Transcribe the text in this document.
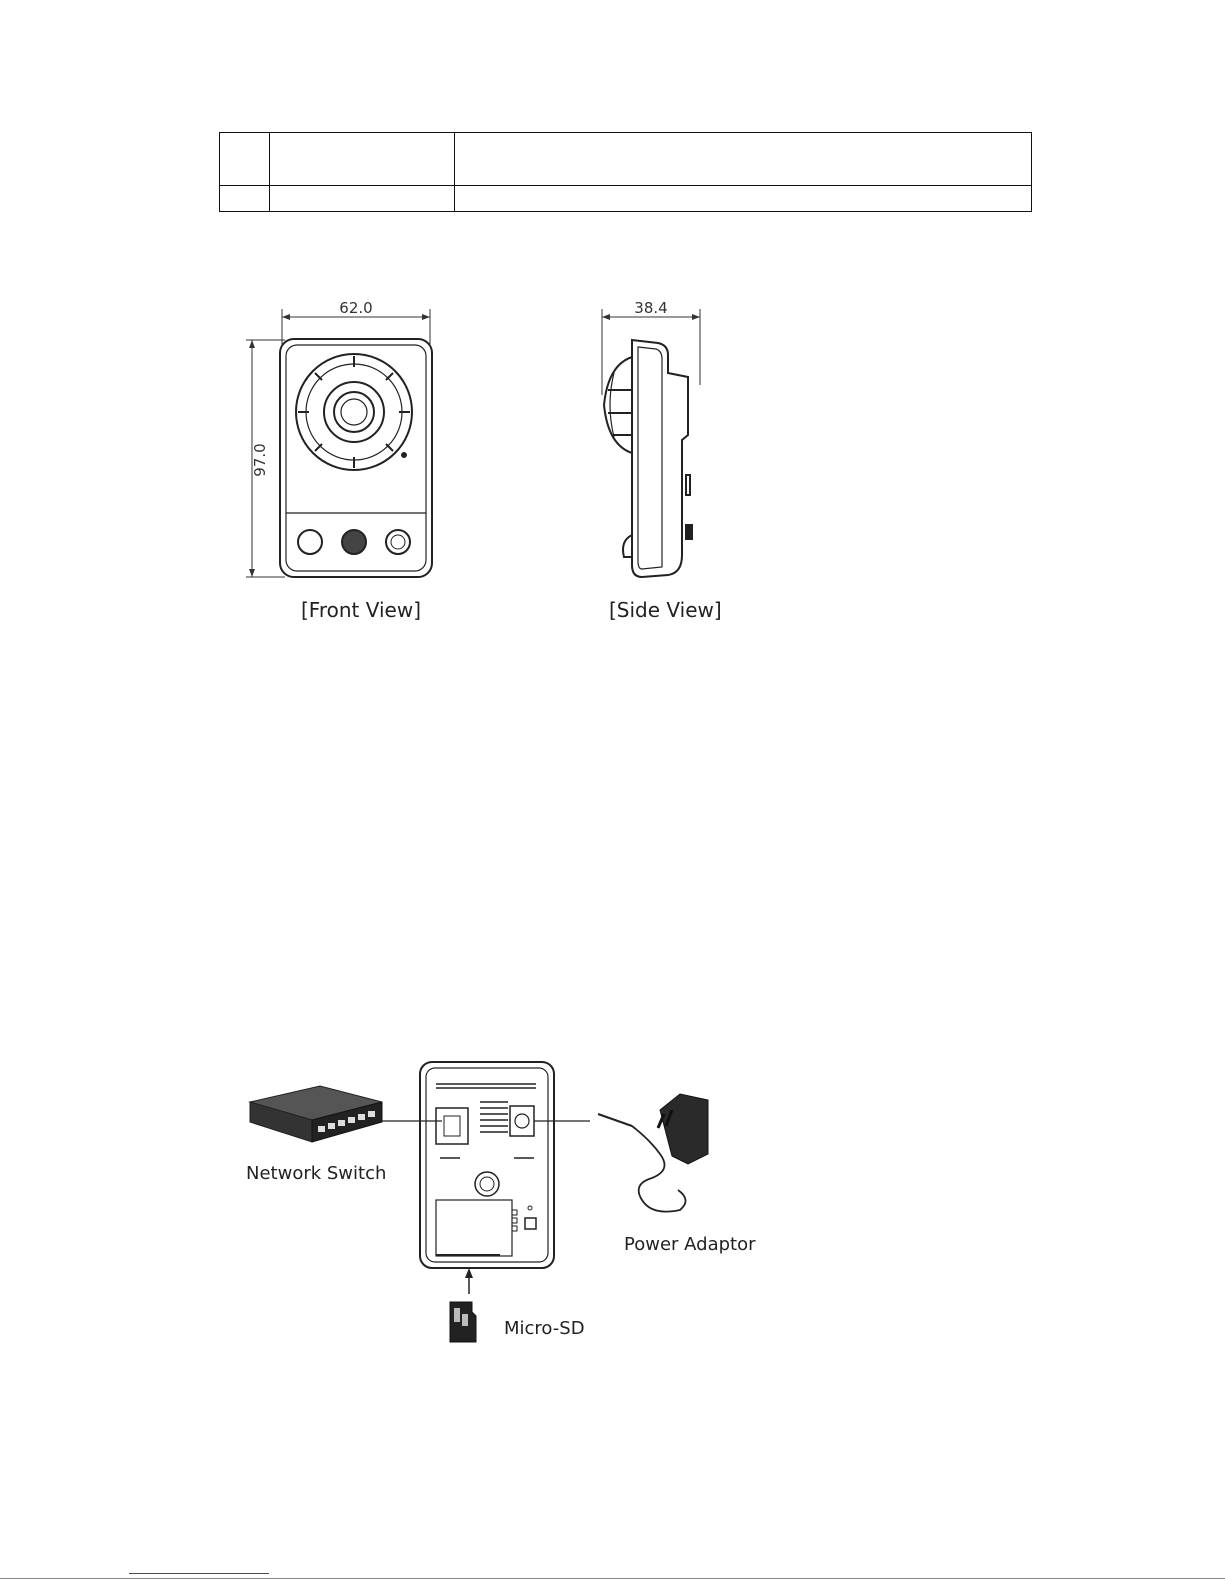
62.0
97.0
[Front View]
38.4
[Side View]
Network Switch
Power Adaptor
Micro-SD
